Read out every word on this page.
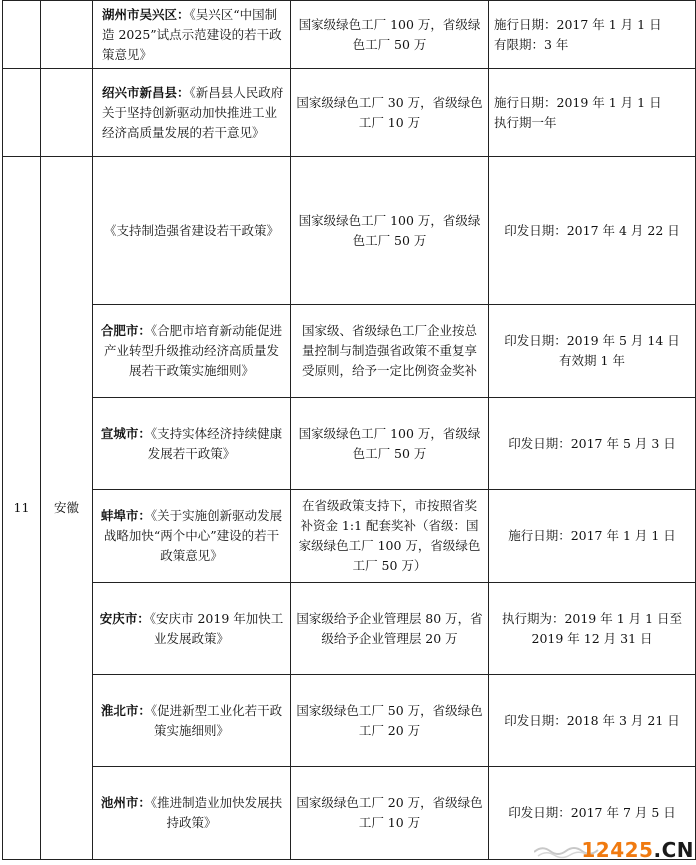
		湖州市吴兴区：《吴兴区“中国制造 2025”试点示范建设的若干政策意见》	国家级绿色工厂 100 万，省级绿色工厂 50 万	施行日期：2017 年 1 月 1 日
有限期：3 年

		绍兴市新昌县：《新昌县人民政府关于坚持创新驱动加快推进工业经济高质量发展的若干意见》	国家级绿色工厂 30 万，省级绿色工厂 10 万	施行日期：2019 年 1 月 1 日
执行期一年

11	安徽	《支持制造强省建设若干政策》	国家级绿色工厂 100 万，省级绿色工厂 50 万	印发日期：2017 年 4 月 22 日

		合肥市：《合肥市培育新动能促进产业转型升级推动经济高质量发展若干政策实施细则》	国家级、省级绿色工厂企业按总量控制与制造强省政策不重复享受原则，给予一定比例资金奖补	印发日期：2019 年 5 月 14 日
有效期 1 年

		宣城市：《支持实体经济持续健康发展若干政策》	国家级绿色工厂 100 万，省级绿色工厂 50 万	印发日期：2017 年 5 月 3 日

		蚌埠市：《关于实施创新驱动发展战略加快“两个中心”建设的若干政策意见》	在省级政策支持下，市按照省奖补资金 1:1 配套奖补（省级：国家级绿色工厂 100 万，省级绿色工厂 50 万）	施行日期：2017 年 1 月 1 日

		安庆市：《安庆市 2019 年加快工业发展政策》	国家级给予企业管理层 80 万，省级给予企业管理层 20 万	执行期为：2019 年 1 月 1 日至 2019 年 12 月 31 日

		淮北市：《促进新型工业化若干政策实施细则》	国家级绿色工厂 50 万，省级绿色工厂 20 万	印发日期：2018 年 3 月 21 日

		池州市：《推进制造业加快发展扶持政策》	国家级绿色工厂 20 万，省级绿色工厂 10 万	印发日期：2017 年 7 月 5 日
12425.CN
